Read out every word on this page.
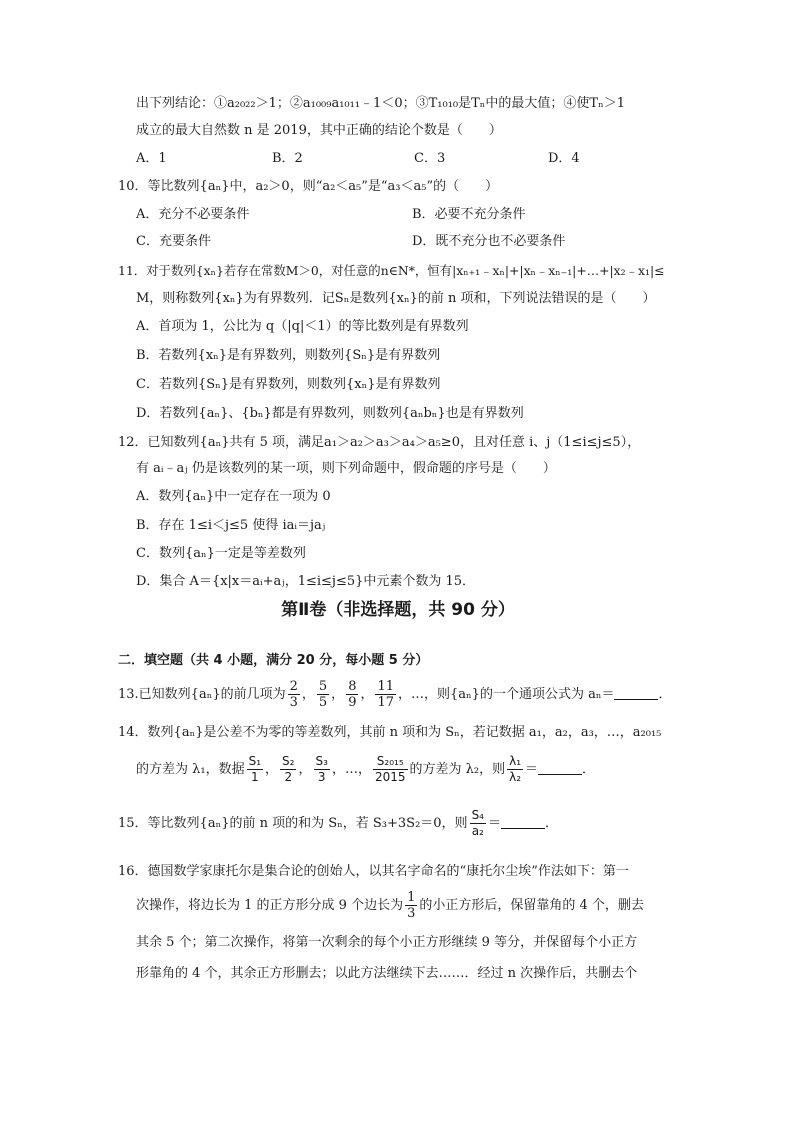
出下列结论：①a₂₀₂₂＞1；②a₁₀₀₉a₁₀₁₁﹣1＜0；③T₁₀₁₀是Tₙ中的最大值；④使Tₙ＞1
成立的最大自然数 n 是 2019，其中正确的结论个数是（　　）
A．1	B．2	C．3	D．4
10．等比数列{aₙ}中，a₂＞0，则“a₂＜a₅”是“a₃＜a₅”的（　　）
A．充分不必要条件	B．必要不充分条件
C．充要条件	D．既不充分也不必要条件
11．对于数列{xₙ}若存在常数M＞0，对任意的n∈N*，恒有|xₙ₊₁﹣xₙ|+|xₙ﹣xₙ₋₁|+…+|x₂﹣x₁|≤
M，则称数列{xₙ}为有界数列．记Sₙ是数列{xₙ}的前 n 项和，下列说法错误的是（　　）
A．首项为 1，公比为 q（|q|＜1）的等比数列是有界数列
B．若数列{xₙ}是有界数列，则数列{Sₙ}是有界数列
C．若数列{Sₙ}是有界数列，则数列{xₙ}是有界数列
D．若数列{aₙ}、{bₙ}都是有界数列，则数列{aₙbₙ}也是有界数列
12．已知数列{aₙ}共有 5 项，满足a₁＞a₂＞a₃＞a₄＞a₅≥0，且对任意 i、j（1≤i≤j≤5），
有 aᵢ﹣aⱼ 仍是该数列的某一项，则下列命题中，假命题的序号是（　　）
A．数列{aₙ}中一定存在一项为 0
B．存在 1≤i＜j≤5 使得 iaᵢ＝jaⱼ
C．数列{aₙ}一定是等差数列
D．集合 A＝{x|x＝aᵢ+aⱼ，1≤i≤j≤5}中元素个数为 15．
第Ⅱ卷（非选择题，共 90 分）
二．填空题（共 4 小题，满分 20 分，每小题 5 分）
13.已知数列{aₙ}的前几项为 $\frac{2}{3}$ ， $\frac{5}{5}$ ， $\frac{8}{9}$ ， $\frac{11}{17}$ ，…，则{aₙ}的一个通项公式为 aₙ＝	．
14．数列{aₙ}是公差不为零的等差数列，其前 n 项和为 Sₙ，若记数据 a₁，a₂，a₃，…，a₂₀₁₅
的方差为 λ₁，数据 $\frac{\text{S₁}}{1}$ ， $\frac{\text{S₂}}{2}$ ， $\frac{\text{S₃}}{3}$ ，…， $\frac{\text{S₂₀₁₅}}{2015}$ 的方差为 λ₂，则 $\frac{\text{λ₁}}{\text{λ₂}}$ ＝	．
15．等比数列{aₙ}的前 n 项的和为 Sₙ，若 S₃+3S₂＝0，则 $\frac{\text{S₄}}{\text{a₂}}$ ＝	．
16．德国数学家康托尔是集合论的创始人，以其名字命名的“康托尔尘埃”作法如下：第一
次操作，将边长为 1 的正方形分成 9 个边长为 $\frac{1}{3}$ 的小正方形后，保留靠角的 4 个，删去
其余 5 个；第二次操作，将第一次剩余的每个小正方形继续 9 等分，并保留每个小正方
形靠角的 4 个，其余正方形删去；以此方法继续下去……．经过 n 次操作后，共删去个
